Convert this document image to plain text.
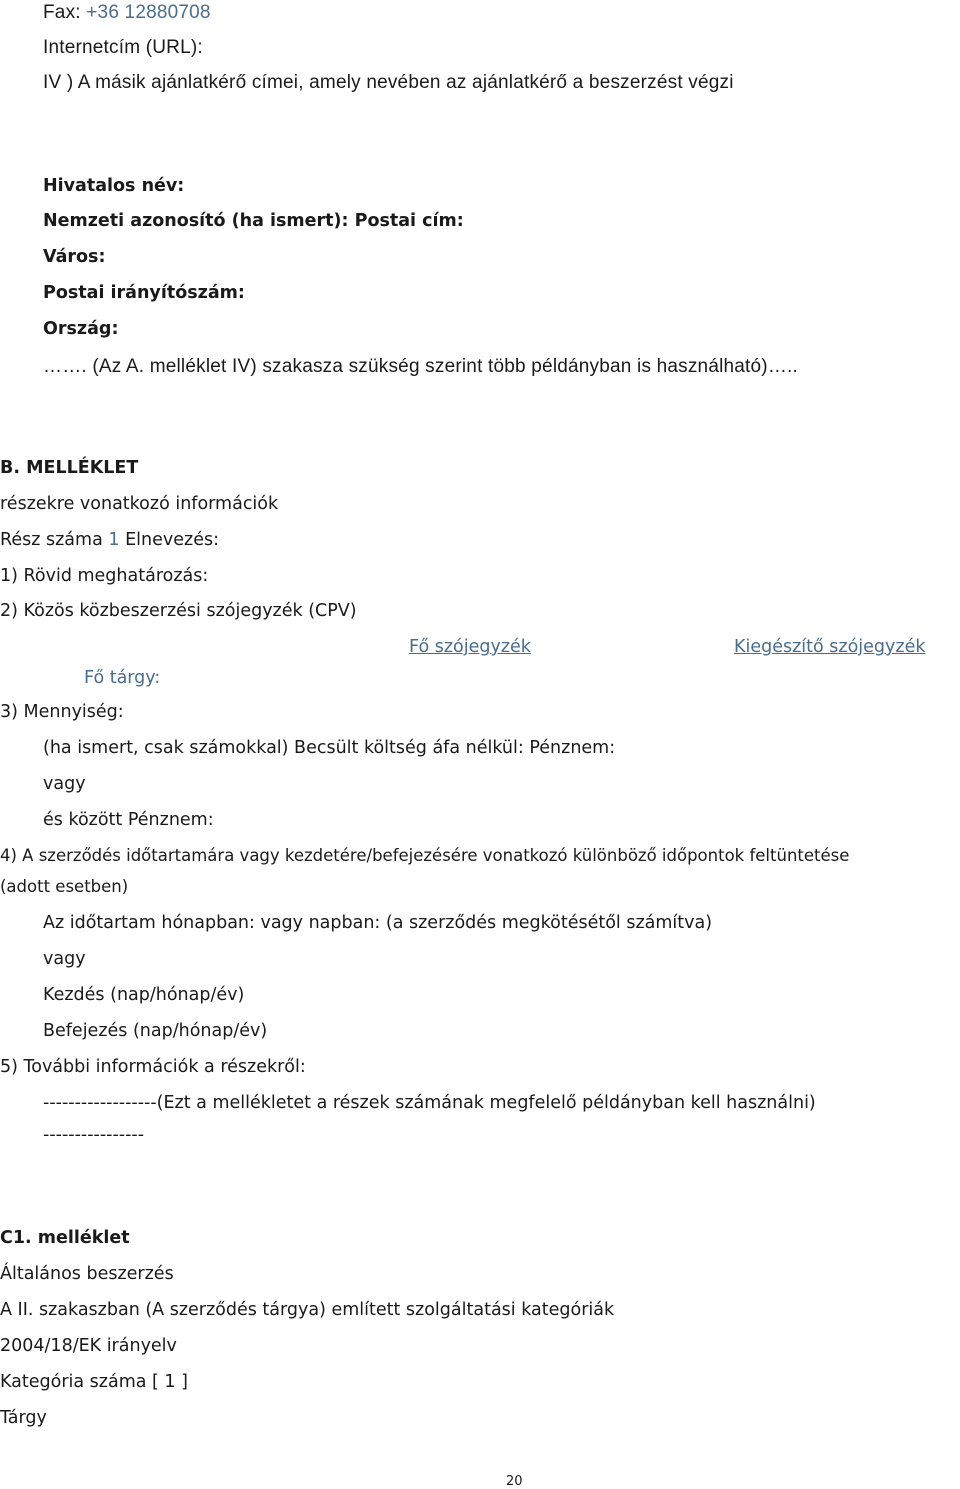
Fax: +36 12880708
Internetcím (URL):
IV ) A másik ajánlatkérő címei, amely nevében az ajánlatkérő a beszerzést végzi
Hivatalos név:
Nemzeti azonosító (ha ismert): Postai cím:
Város:
Postai irányítószám:
Ország:
……. (Az A. melléklet IV) szakasza szükség szerint több példányban is használható)…..
B. MELLÉKLET
részekre vonatkozó információk
Rész száma 1 Elnevezés:
1) Rövid meghatározás:
2) Közös közbeszerzési szójegyzék (CPV)
Fő szójegyzék	Kiegészítő szójegyzék
Fő tárgy:
3) Mennyiség:
(ha ismert, csak számokkal) Becsült költség áfa nélkül: Pénznem:
vagy
és között Pénznem:
4) A szerződés időtartamára vagy kezdetére/befejezésére vonatkozó különböző időpontok feltüntetése
(adott esetben)
Az időtartam hónapban: vagy napban: (a szerződés megkötésétől számítva)
vagy
Kezdés (nap/hónap/év)
Befejezés (nap/hónap/év)
5) További információk a részekről:
------------------(Ezt a mellékletet a részek számának megfelelő példányban kell használni)
----------------
C1. melléklet
Általános beszerzés
A II. szakaszban (A szerződés tárgya) említett szolgáltatási kategóriák
2004/18/EK irányelv
Kategória száma [ 1 ]
Tárgy
20
